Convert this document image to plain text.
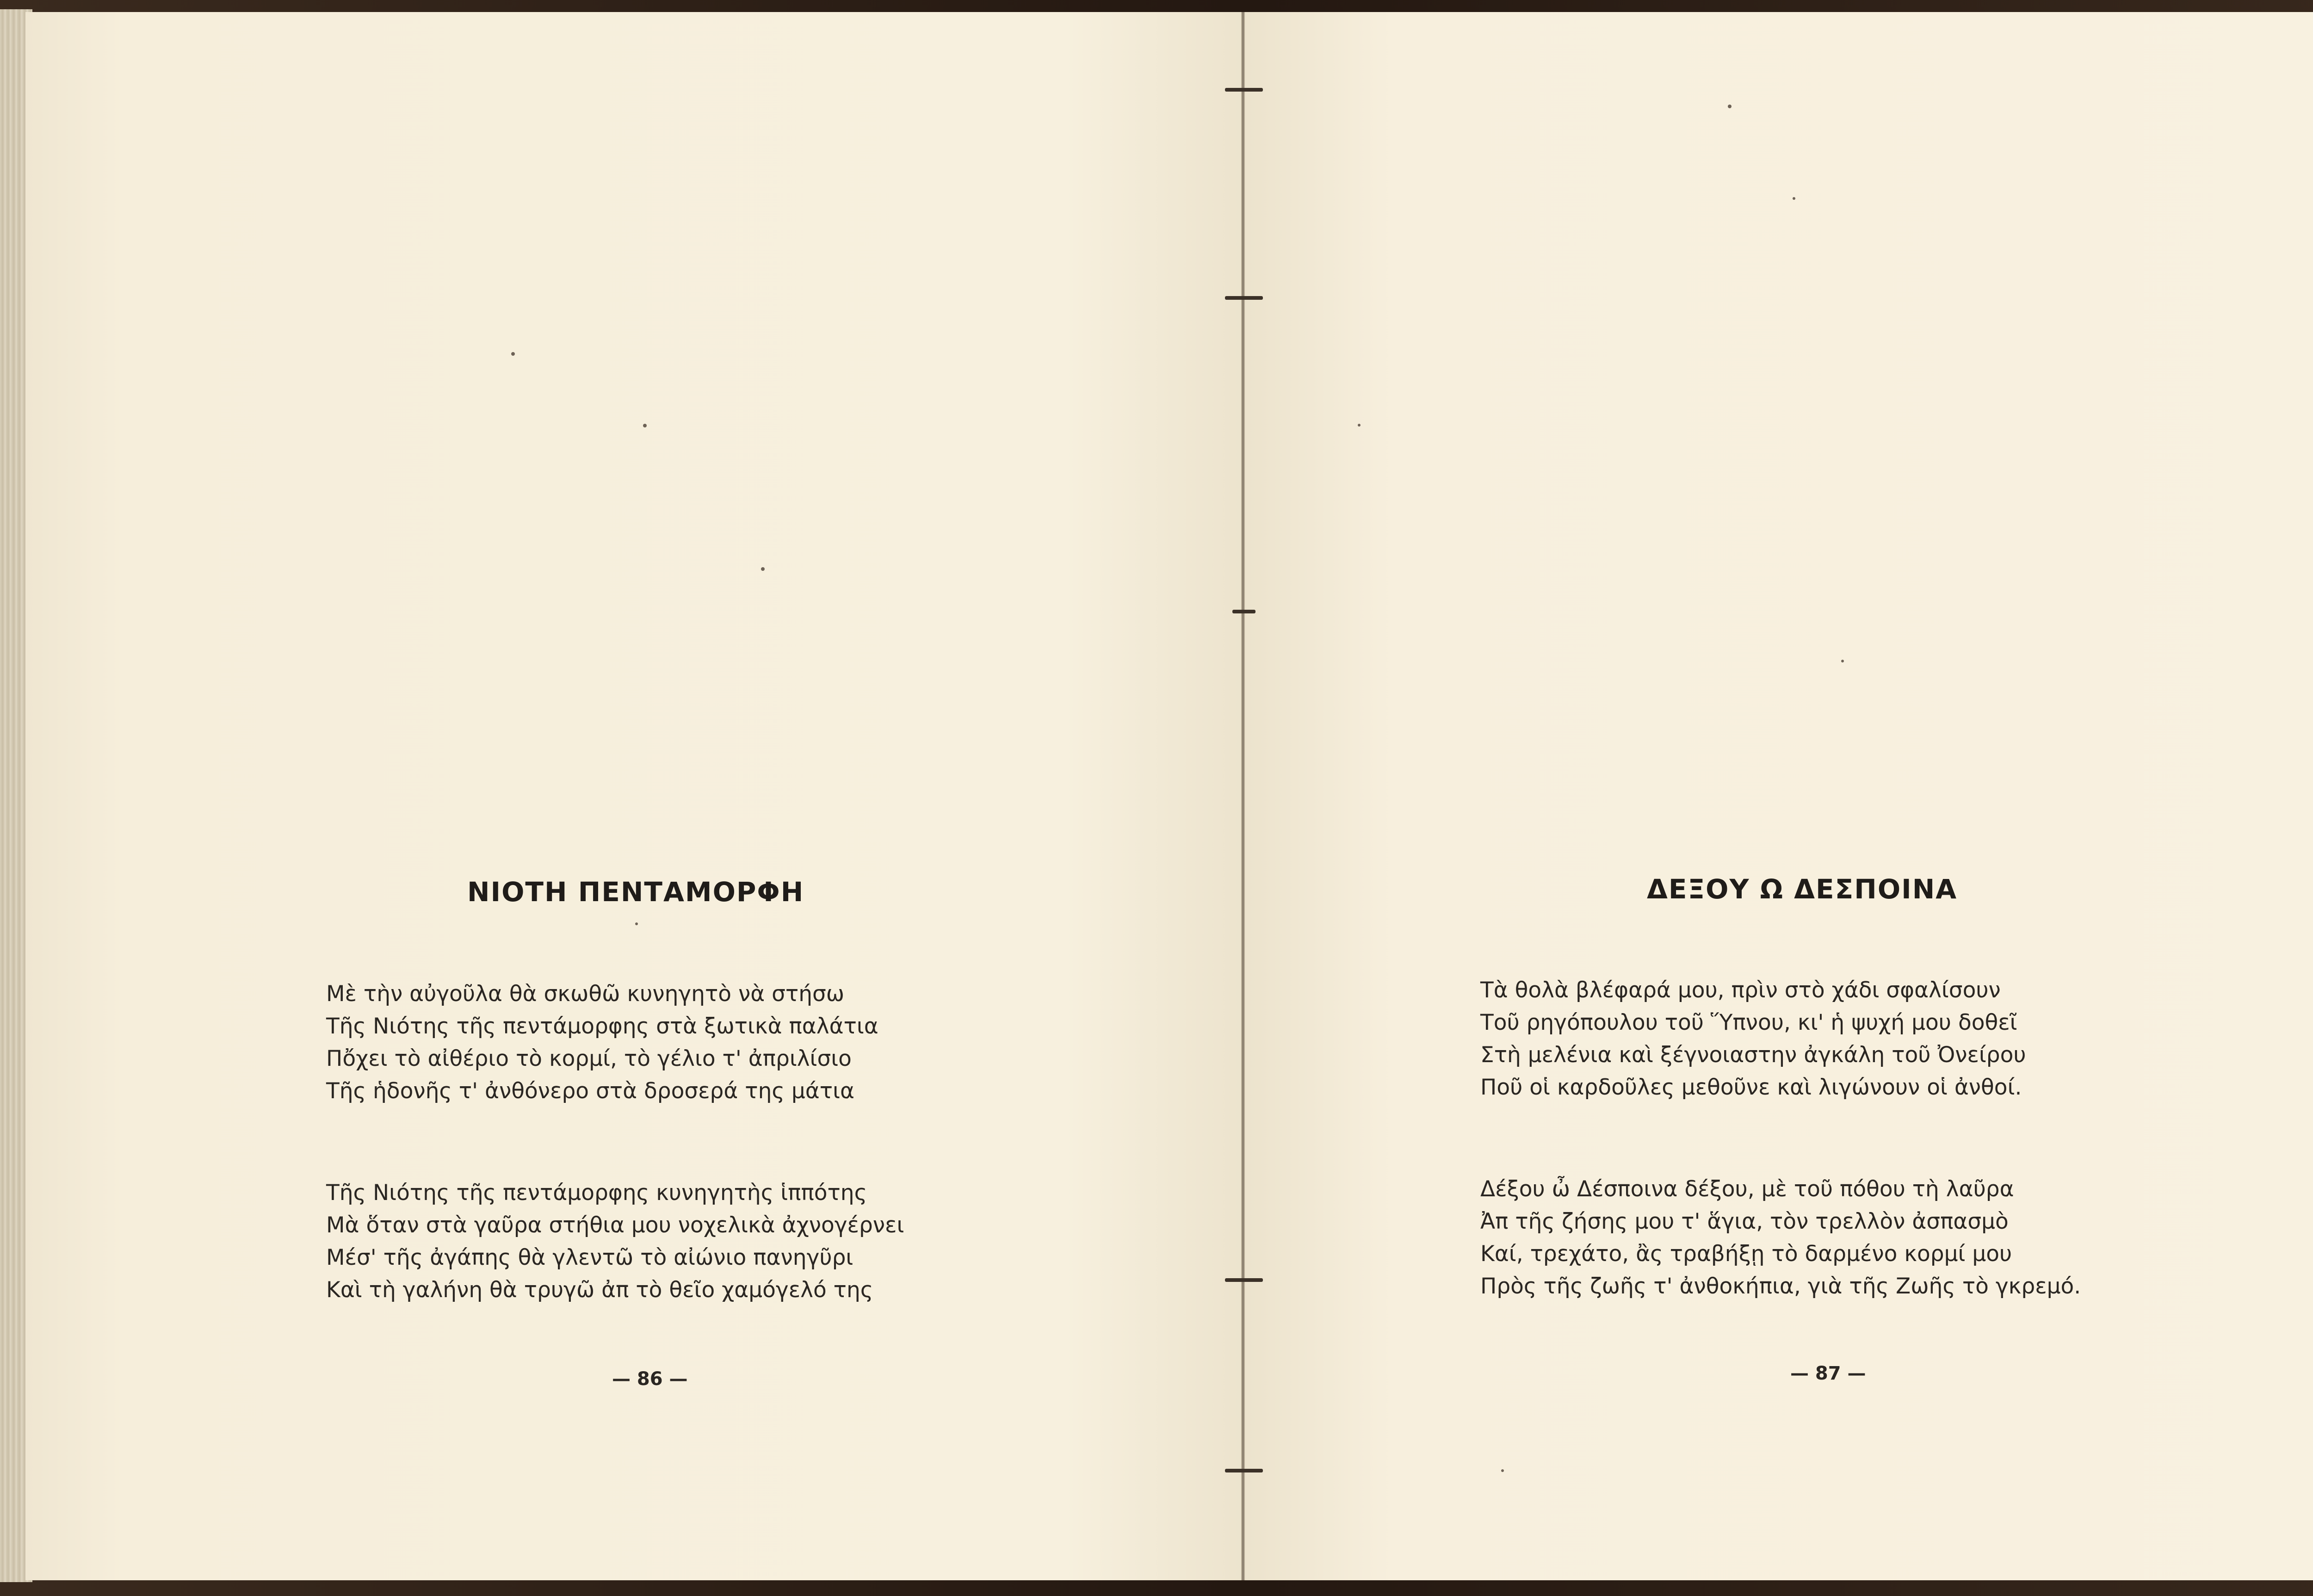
ΝΙΟΤΗ ΠΕΝΤΑΜΟΡΦΗ
Μὲ τὴν αὐγοῦλα θὰ σκωθῶ κυνηγητὸ νὰ στήσω
Τῆς Νιότης τῆς πεντάμορφης στὰ ξωτικὰ παλάτια
Πὄχει τὸ αἰθέριο τὸ κορμί, τὸ γέλιο τ' ἀπριλίσιο
Τῆς ἡδονῆς τ' ἀνθόνερο στὰ δροσερά της μάτια
Τῆς Νιότης τῆς πεντάμορφης κυνηγητὴς ἱππότης
Μὰ ὅταν στὰ γαῦρα στήθια μου νοχελικὰ ἀχνογέρνει
Μέσ' τῆς ἀγάπης θὰ γλεντῶ τὸ αἰώνιο πανηγῦρι
Καὶ τὴ γαλήνη θὰ τρυγῶ ἀπ τὸ θεῖο χαμόγελό της
— 86 —
ΔΕΞΟΥ Ω ΔΕΣΠΟΙΝΑ
Τὰ θολὰ βλέφαρά μου, πρὶν στὸ χάδι σφαλίσουν
Τοῦ ρηγόπουλου τοῦ Ὕπνου, κι' ἡ ψυχή μου δοθεῖ
Στὴ μελένια καὶ ξέγνοιαστην ἀγκάλη τοῦ Ὀνείρου
Ποῦ οἱ καρδοῦλες μεθοῦνε καὶ λιγώνουν οἱ ἀνθοί.
Δέξου ὦ Δέσποινα δέξου, μὲ τοῦ πόθου τὴ λαῦρα
Ἀπ τῆς ζήσης μου τ' ἅγια, τὸν τρελλὸν ἀσπασμὸ
Καί, τρεχάτο, ἂς τραβήξῃ τὸ δαρμένο κορμί μου
Πρὸς τῆς ζωῆς τ' ἀνθοκήπια, γιὰ τῆς Ζωῆς τὸ γκρεμό.
— 87 —
